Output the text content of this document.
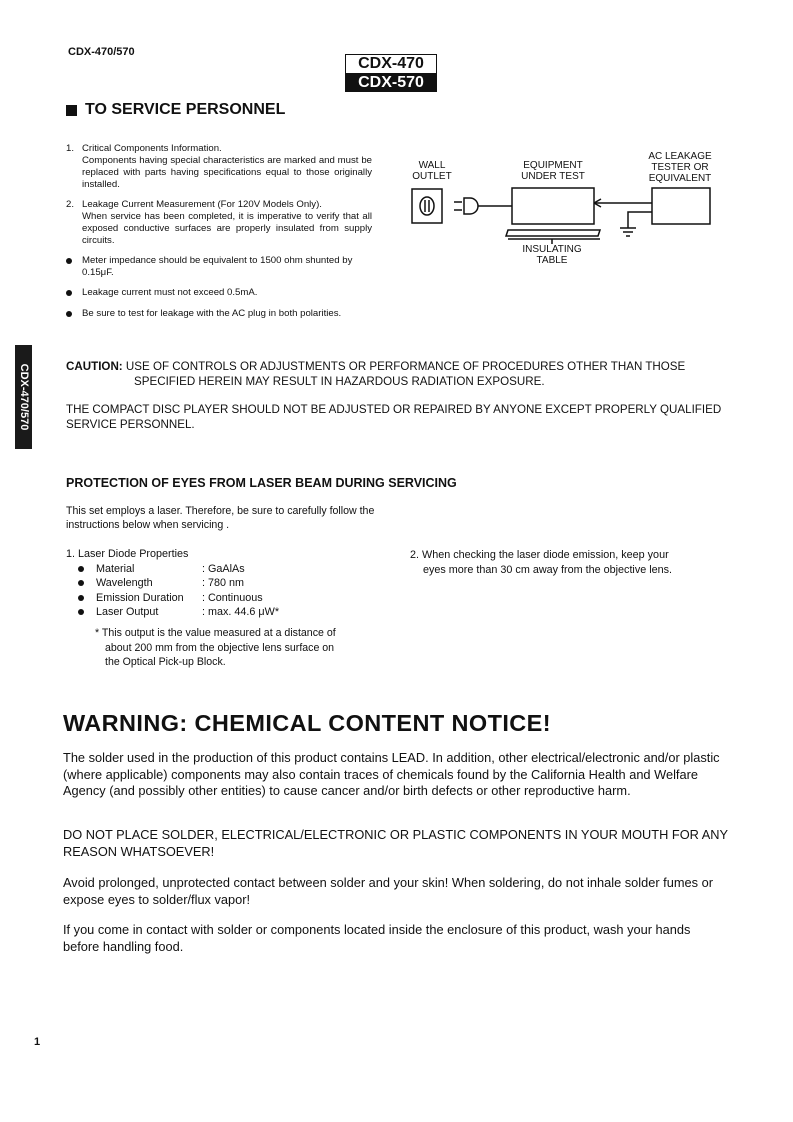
CDX-470/570
CDX-470
CDX-570
TO SERVICE PERSONNEL
1. Critical Components Information.

Components having special characteristics are marked and must be replaced with parts having specifications equal to those originally installed.

2. Leakage Current Measurement (For 120V Models Only).

When service has been completed, it is imperative to verify that all exposed conductive surfaces are properly insulated from supply circuits.

Meter impedance should be equivalent to 1500 ohm shunted by 0.15μF.

Leakage current must not exceed 0.5mA.

Be sure to test for leakage with the AC plug in both polarities.

WALL
OUTLET
EQUIPMENT
UNDER TEST
AC LEAKAGE
TESTER OR
EQUIVALENT
INSULATING
TABLE
CAUTION: USE OF CONTROLS OR ADJUSTMENTS OR PERFORMANCE OF PROCEDURES OTHER THAN THOSE
SPECIFIED HEREIN MAY RESULT IN HAZARDOUS RADIATION EXPOSURE.
THE COMPACT DISC PLAYER SHOULD NOT BE ADJUSTED OR REPAIRED BY ANYONE EXCEPT PROPERLY QUALIFIED SERVICE PERSONNEL.
PROTECTION OF EYES FROM LASER BEAM DURING SERVICING
This set employs a laser. Therefore, be sure to carefully follow the instructions below when servicing .
1. Laser Diode Properties
Material	: GaAlAs
Wavelength	: 780 nm
Emission Duration	: Continuous
Laser Output	: max. 44.6 μW*
* This output is the value measured at a distance of
about 200 mm from the objective lens surface on
the Optical Pick-up Block.
2. When checking the laser diode emission, keep your
eyes more than 30 cm away from the objective lens.
WARNING: CHEMICAL CONTENT NOTICE!
The solder used in the production of this product contains LEAD. In addition, other electrical/electronic and/or plastic (where applicable) components may also contain traces of chemicals found by the California Health and Welfare Agency (and possibly other entities) to cause cancer and/or birth defects or other reproductive harm.
DO NOT PLACE SOLDER, ELECTRICAL/ELECTRONIC OR PLASTIC COMPONENTS IN YOUR MOUTH FOR ANY REASON WHATSOEVER!
Avoid prolonged, unprotected contact between solder and your skin! When soldering, do not inhale solder fumes or expose eyes to solder/flux vapor!
If you come in contact with solder or components located inside the enclosure of this product, wash your hands before handling food.
CDX-470/570
1
